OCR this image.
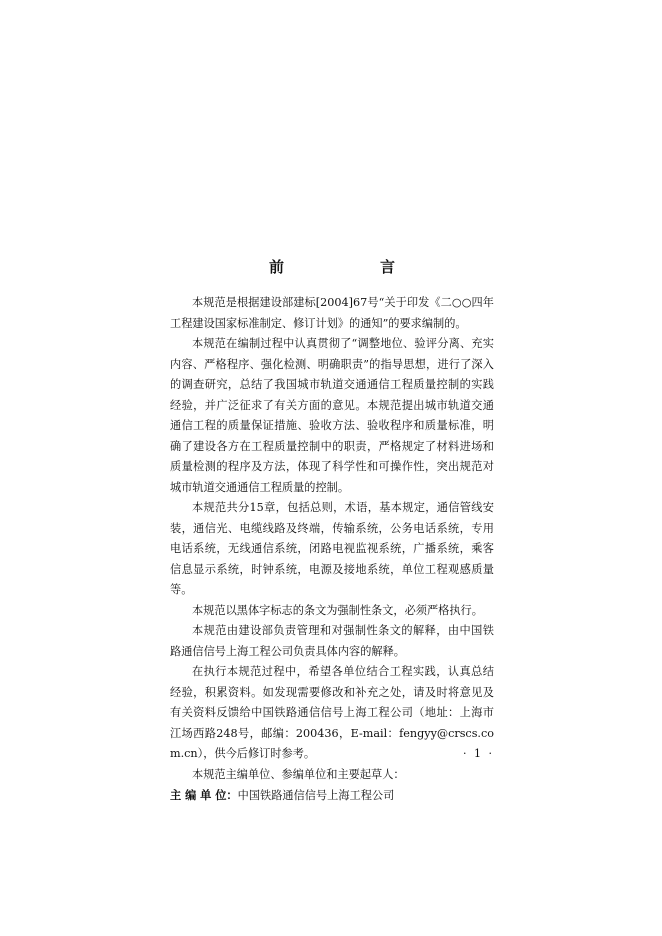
前　　言

本规范是根据建设部建标[2004]67号“关于印发《二○○四年工程建设国家标准制定、修订计划》的通知”的要求编制的。

本规范在编制过程中认真贯彻了“调整地位、验评分离、充实内容、严格程序、强化检测、明确职责”的指导思想，进行了深入的调查研究，总结了我国城市轨道交通通信工程质量控制的实践经验，并广泛征求了有关方面的意见。本规范提出城市轨道交通通信工程的质量保证措施、验收方法、验收程序和质量标准，明确了建设各方在工程质量控制中的职责，严格规定了材料进场和质量检测的程序及方法，体现了科学性和可操作性，突出规范对城市轨道交通通信工程质量的控制。

本规范共分15章，包括总则，术语，基本规定，通信管线安装，通信光、电缆线路及终端，传输系统，公务电话系统，专用电话系统，无线通信系统，闭路电视监视系统，广播系统，乘客信息显示系统，时钟系统，电源及接地系统，单位工程观感质量等。

本规范以黑体字标志的条文为强制性条文，必须严格执行。

本规范由建设部负责管理和对强制性条文的解释，由中国铁路通信信号上海工程公司负责具体内容的解释。

在执行本规范过程中，希望各单位结合工程实践，认真总结经验，积累资料。如发现需要修改和补充之处，请及时将意见及有关资料反馈给中国铁路通信信号上海工程公司（地址：上海市江场西路248号，邮编：200436，E-mail：fengyy@crscs.com.cn），供今后修订时参考。

本规范主编单位、参编单位和主要起草人：

主 编 单 位：中国铁路通信信号上海工程公司

· 1 ·
